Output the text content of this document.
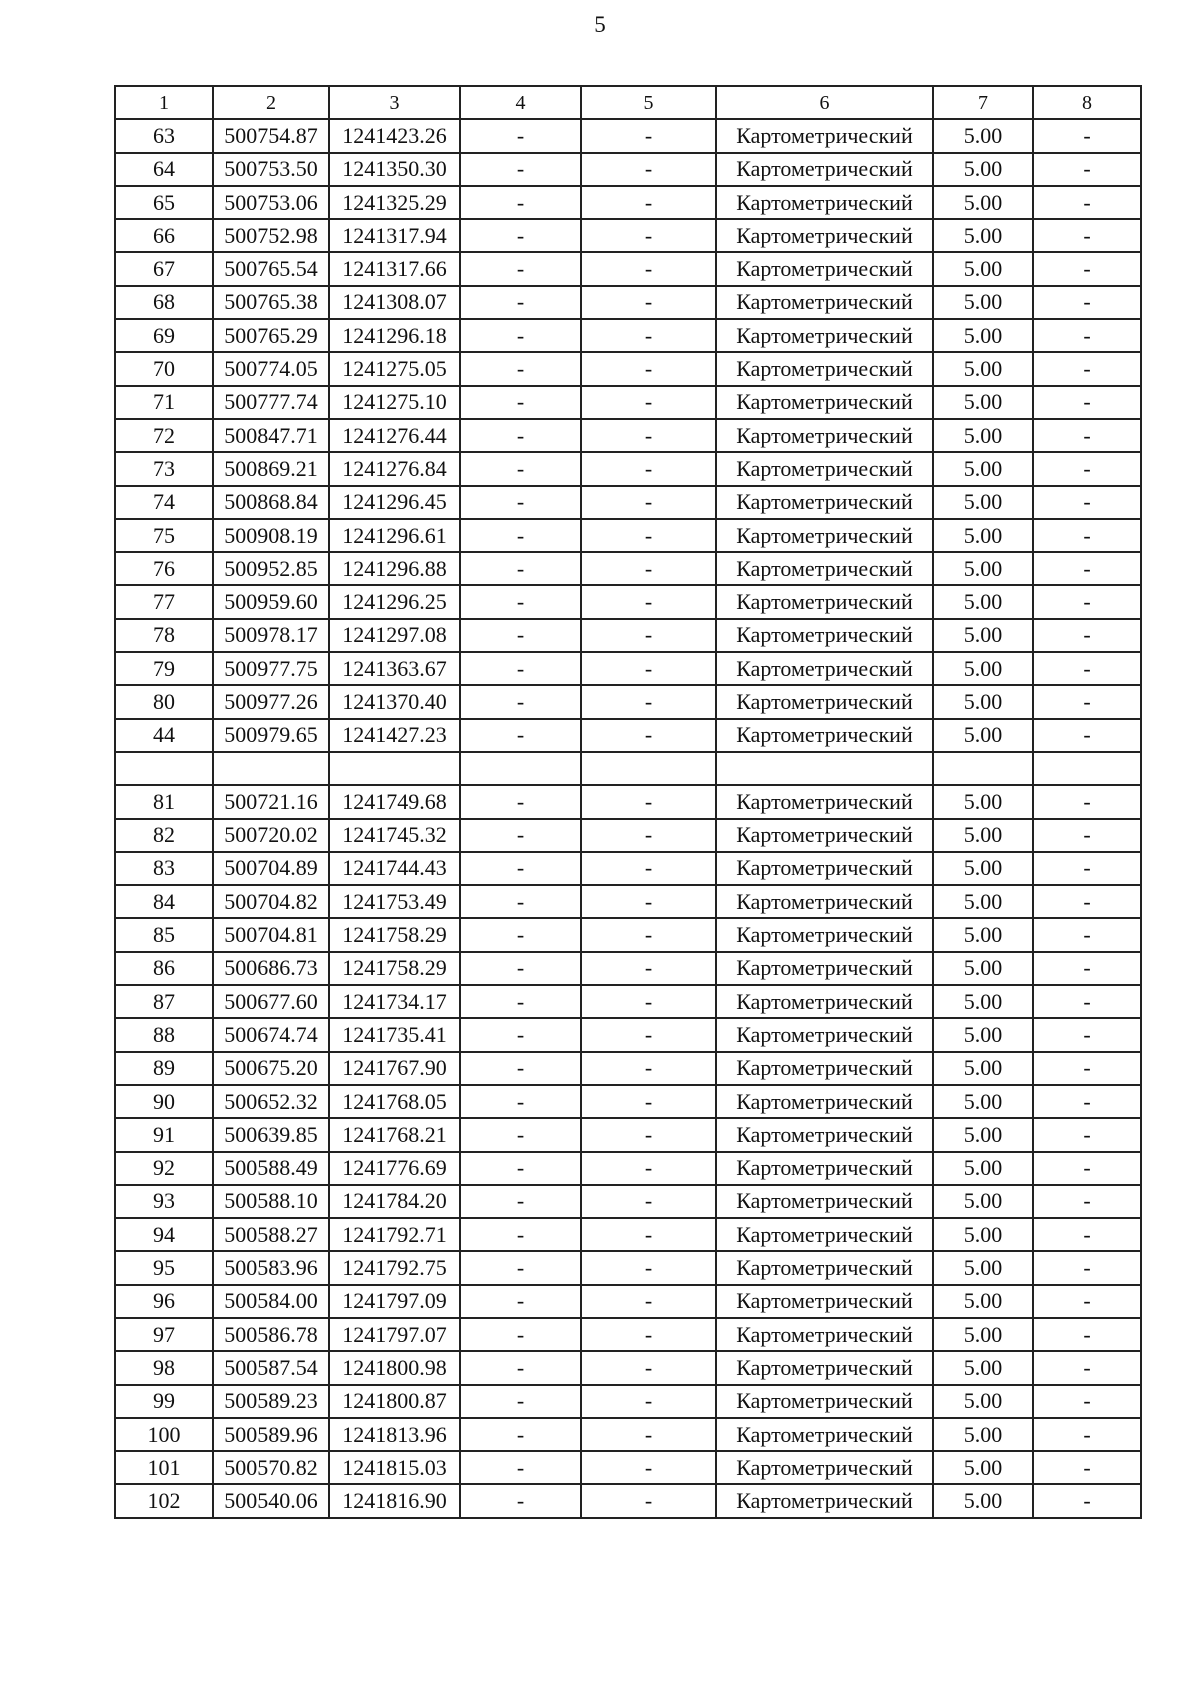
5
1	2	3	4	5	6	7	8
63	500754.87	1241423.26	-	-	Картометрический	5.00	-
64	500753.50	1241350.30	-	-	Картометрический	5.00	-
65	500753.06	1241325.29	-	-	Картометрический	5.00	-
66	500752.98	1241317.94	-	-	Картометрический	5.00	-
67	500765.54	1241317.66	-	-	Картометрический	5.00	-
68	500765.38	1241308.07	-	-	Картометрический	5.00	-
69	500765.29	1241296.18	-	-	Картометрический	5.00	-
70	500774.05	1241275.05	-	-	Картометрический	5.00	-
71	500777.74	1241275.10	-	-	Картометрический	5.00	-
72	500847.71	1241276.44	-	-	Картометрический	5.00	-
73	500869.21	1241276.84	-	-	Картометрический	5.00	-
74	500868.84	1241296.45	-	-	Картометрический	5.00	-
75	500908.19	1241296.61	-	-	Картометрический	5.00	-
76	500952.85	1241296.88	-	-	Картометрический	5.00	-
77	500959.60	1241296.25	-	-	Картометрический	5.00	-
78	500978.17	1241297.08	-	-	Картометрический	5.00	-
79	500977.75	1241363.67	-	-	Картометрический	5.00	-
80	500977.26	1241370.40	-	-	Картометрический	5.00	-
44	500979.65	1241427.23	-	-	Картометрический	5.00	-

81	500721.16	1241749.68	-	-	Картометрический	5.00	-
82	500720.02	1241745.32	-	-	Картометрический	5.00	-
83	500704.89	1241744.43	-	-	Картометрический	5.00	-
84	500704.82	1241753.49	-	-	Картометрический	5.00	-
85	500704.81	1241758.29	-	-	Картометрический	5.00	-
86	500686.73	1241758.29	-	-	Картометрический	5.00	-
87	500677.60	1241734.17	-	-	Картометрический	5.00	-
88	500674.74	1241735.41	-	-	Картометрический	5.00	-
89	500675.20	1241767.90	-	-	Картометрический	5.00	-
90	500652.32	1241768.05	-	-	Картометрический	5.00	-
91	500639.85	1241768.21	-	-	Картометрический	5.00	-
92	500588.49	1241776.69	-	-	Картометрический	5.00	-
93	500588.10	1241784.20	-	-	Картометрический	5.00	-
94	500588.27	1241792.71	-	-	Картометрический	5.00	-
95	500583.96	1241792.75	-	-	Картометрический	5.00	-
96	500584.00	1241797.09	-	-	Картометрический	5.00	-
97	500586.78	1241797.07	-	-	Картометрический	5.00	-
98	500587.54	1241800.98	-	-	Картометрический	5.00	-
99	500589.23	1241800.87	-	-	Картометрический	5.00	-
100	500589.96	1241813.96	-	-	Картометрический	5.00	-
101	500570.82	1241815.03	-	-	Картометрический	5.00	-
102	500540.06	1241816.90	-	-	Картометрический	5.00	-
